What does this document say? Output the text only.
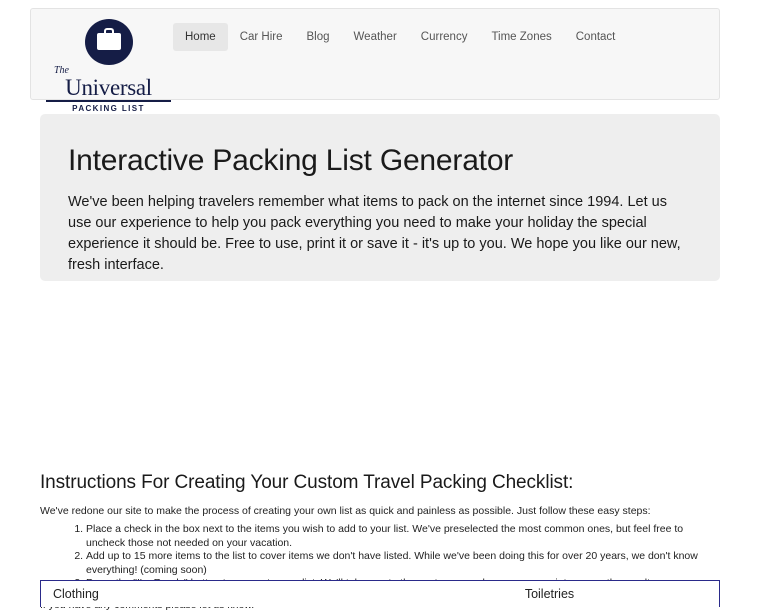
The
Universal
PACKING LIST
Home	Car Hire	Blog	Weather	Currency	Time Zones	Contact
Interactive Packing List Generator

We've been helping travelers remember what items to pack on the internet since 1994. Let us use our experience to help you pack everything you need to make your holiday the special experience it should be. Free to use, print it or save it - it's up to you. We hope you like our new, fresh interface.

Instructions For Creating Your Custom Travel Packing Checklist:

We've redone our site to make the process of creating your own list as quick and painless as possible. Just follow these easy steps:

1. Place a check in the box next to the items you wish to add to your list. We've preselected the most common ones, but feel free to uncheck those not needed on your vacation.
2. Add up to 15 more items to the list to cover items we don't have listed. While we've been doing this for over 20 years, we don't know everything! (coming soon)
3.

Clothing	Toiletries
